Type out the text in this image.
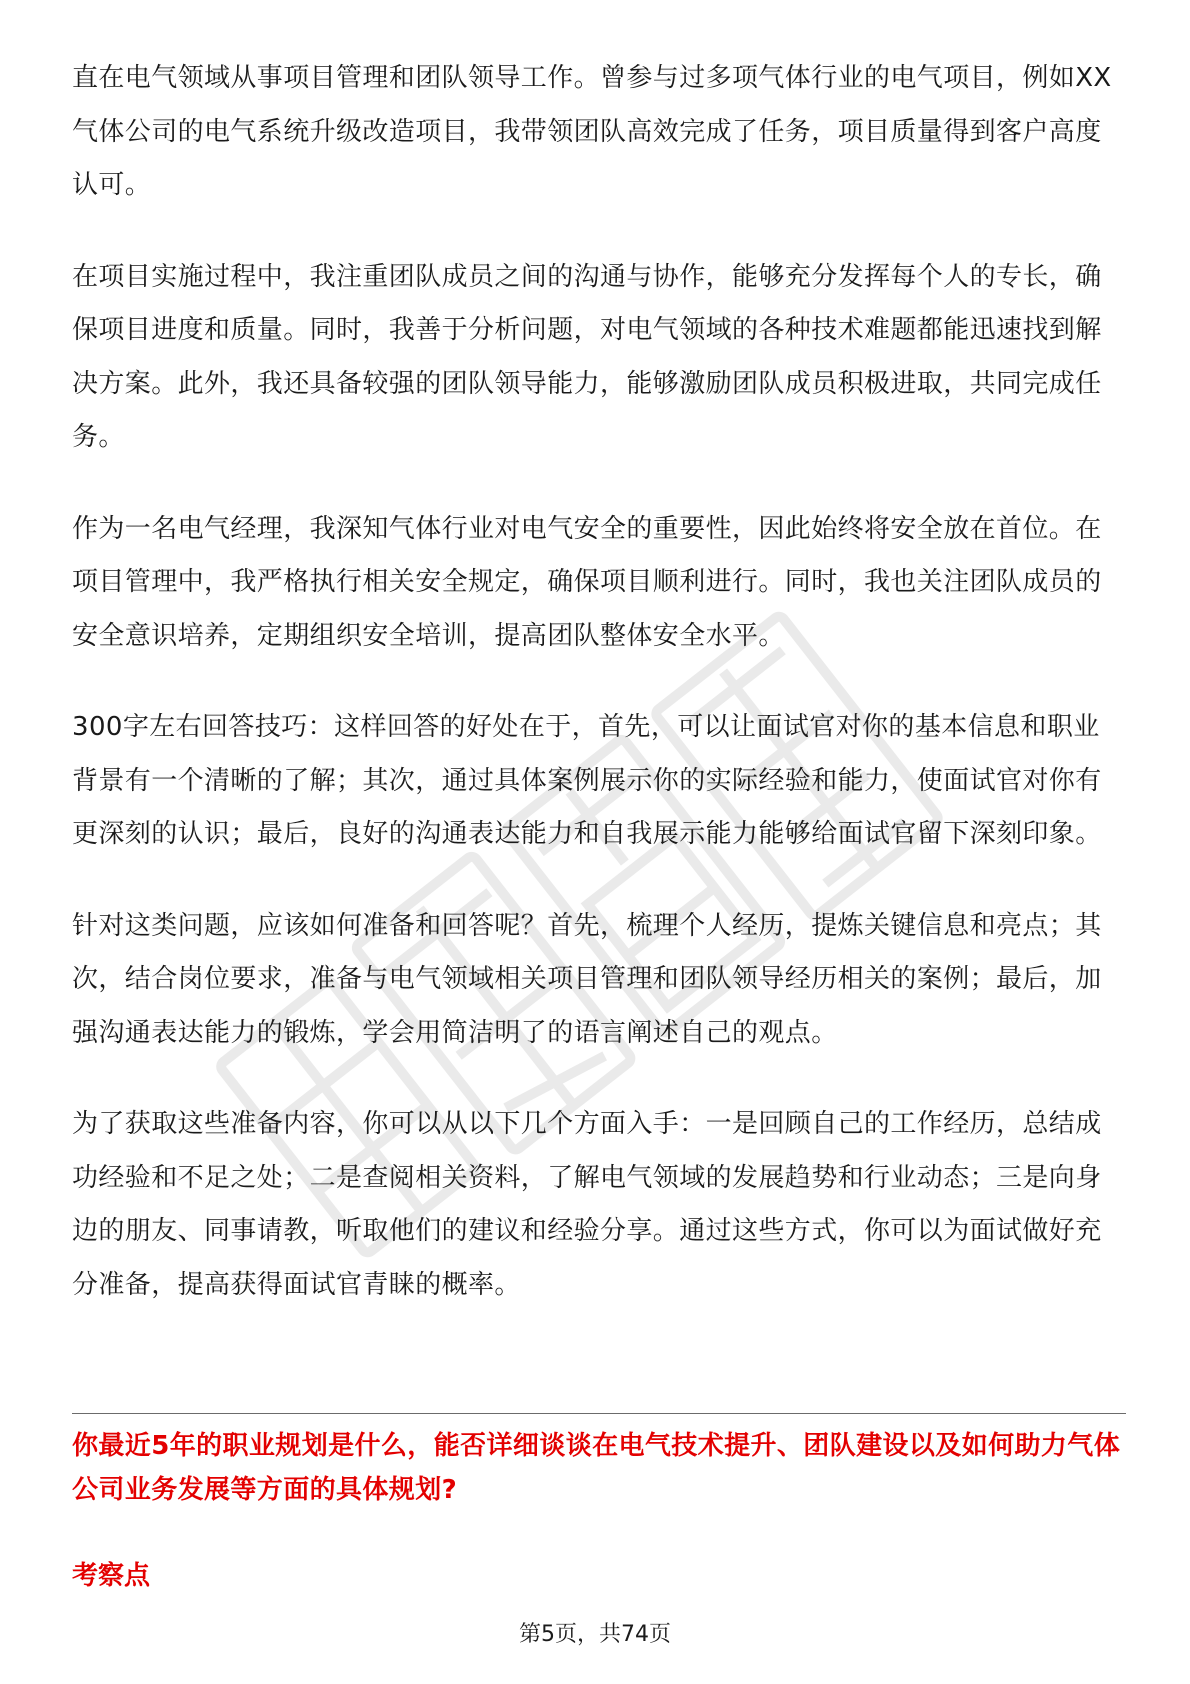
直在电气领域从事项目管理和团队领导工作。曾参与过多项气体行业的电气项目，例如XX气体公司的电气系统升级改造项目，我带领团队高效完成了任务，项目质量得到客户高度认可。

在项目实施过程中，我注重团队成员之间的沟通与协作，能够充分发挥每个人的专长，确保项目进度和质量。同时，我善于分析问题，对电气领域的各种技术难题都能迅速找到解决方案。此外，我还具备较强的团队领导能力，能够激励团队成员积极进取，共同完成任务。

作为一名电气经理，我深知气体行业对电气安全的重要性，因此始终将安全放在首位。在项目管理中，我严格执行相关安全规定，确保项目顺利进行。同时，我也关注团队成员的安全意识培养，定期组织安全培训，提高团队整体安全水平。

300字左右回答技巧：这样回答的好处在于，首先，可以让面试官对你的基本信息和职业背景有一个清晰的了解；其次，通过具体案例展示你的实际经验和能力，使面试官对你有更深刻的认识；最后，良好的沟通表达能力和自我展示能力能够给面试官留下深刻印象。

针对这类问题，应该如何准备和回答呢？首先，梳理个人经历，提炼关键信息和亮点；其次，结合岗位要求，准备与电气领域相关项目管理和团队领导经历相关的案例；最后，加强沟通表达能力的锻炼，学会用简洁明了的语言阐述自己的观点。

为了获取这些准备内容，你可以从以下几个方面入手：一是回顾自己的工作经历，总结成功经验和不足之处；二是查阅相关资料，了解电气领域的发展趋势和行业动态；三是向身边的朋友、同事请教，听取他们的建议和经验分享。通过这些方式，你可以为面试做好充分准备，提高获得面试官青睐的概率。

你最近5年的职业规划是什么，能否详细谈谈在电气技术提升、团队建设以及如何助力气体公司业务发展等方面的具体规划?
考察点
第5页，共74页
